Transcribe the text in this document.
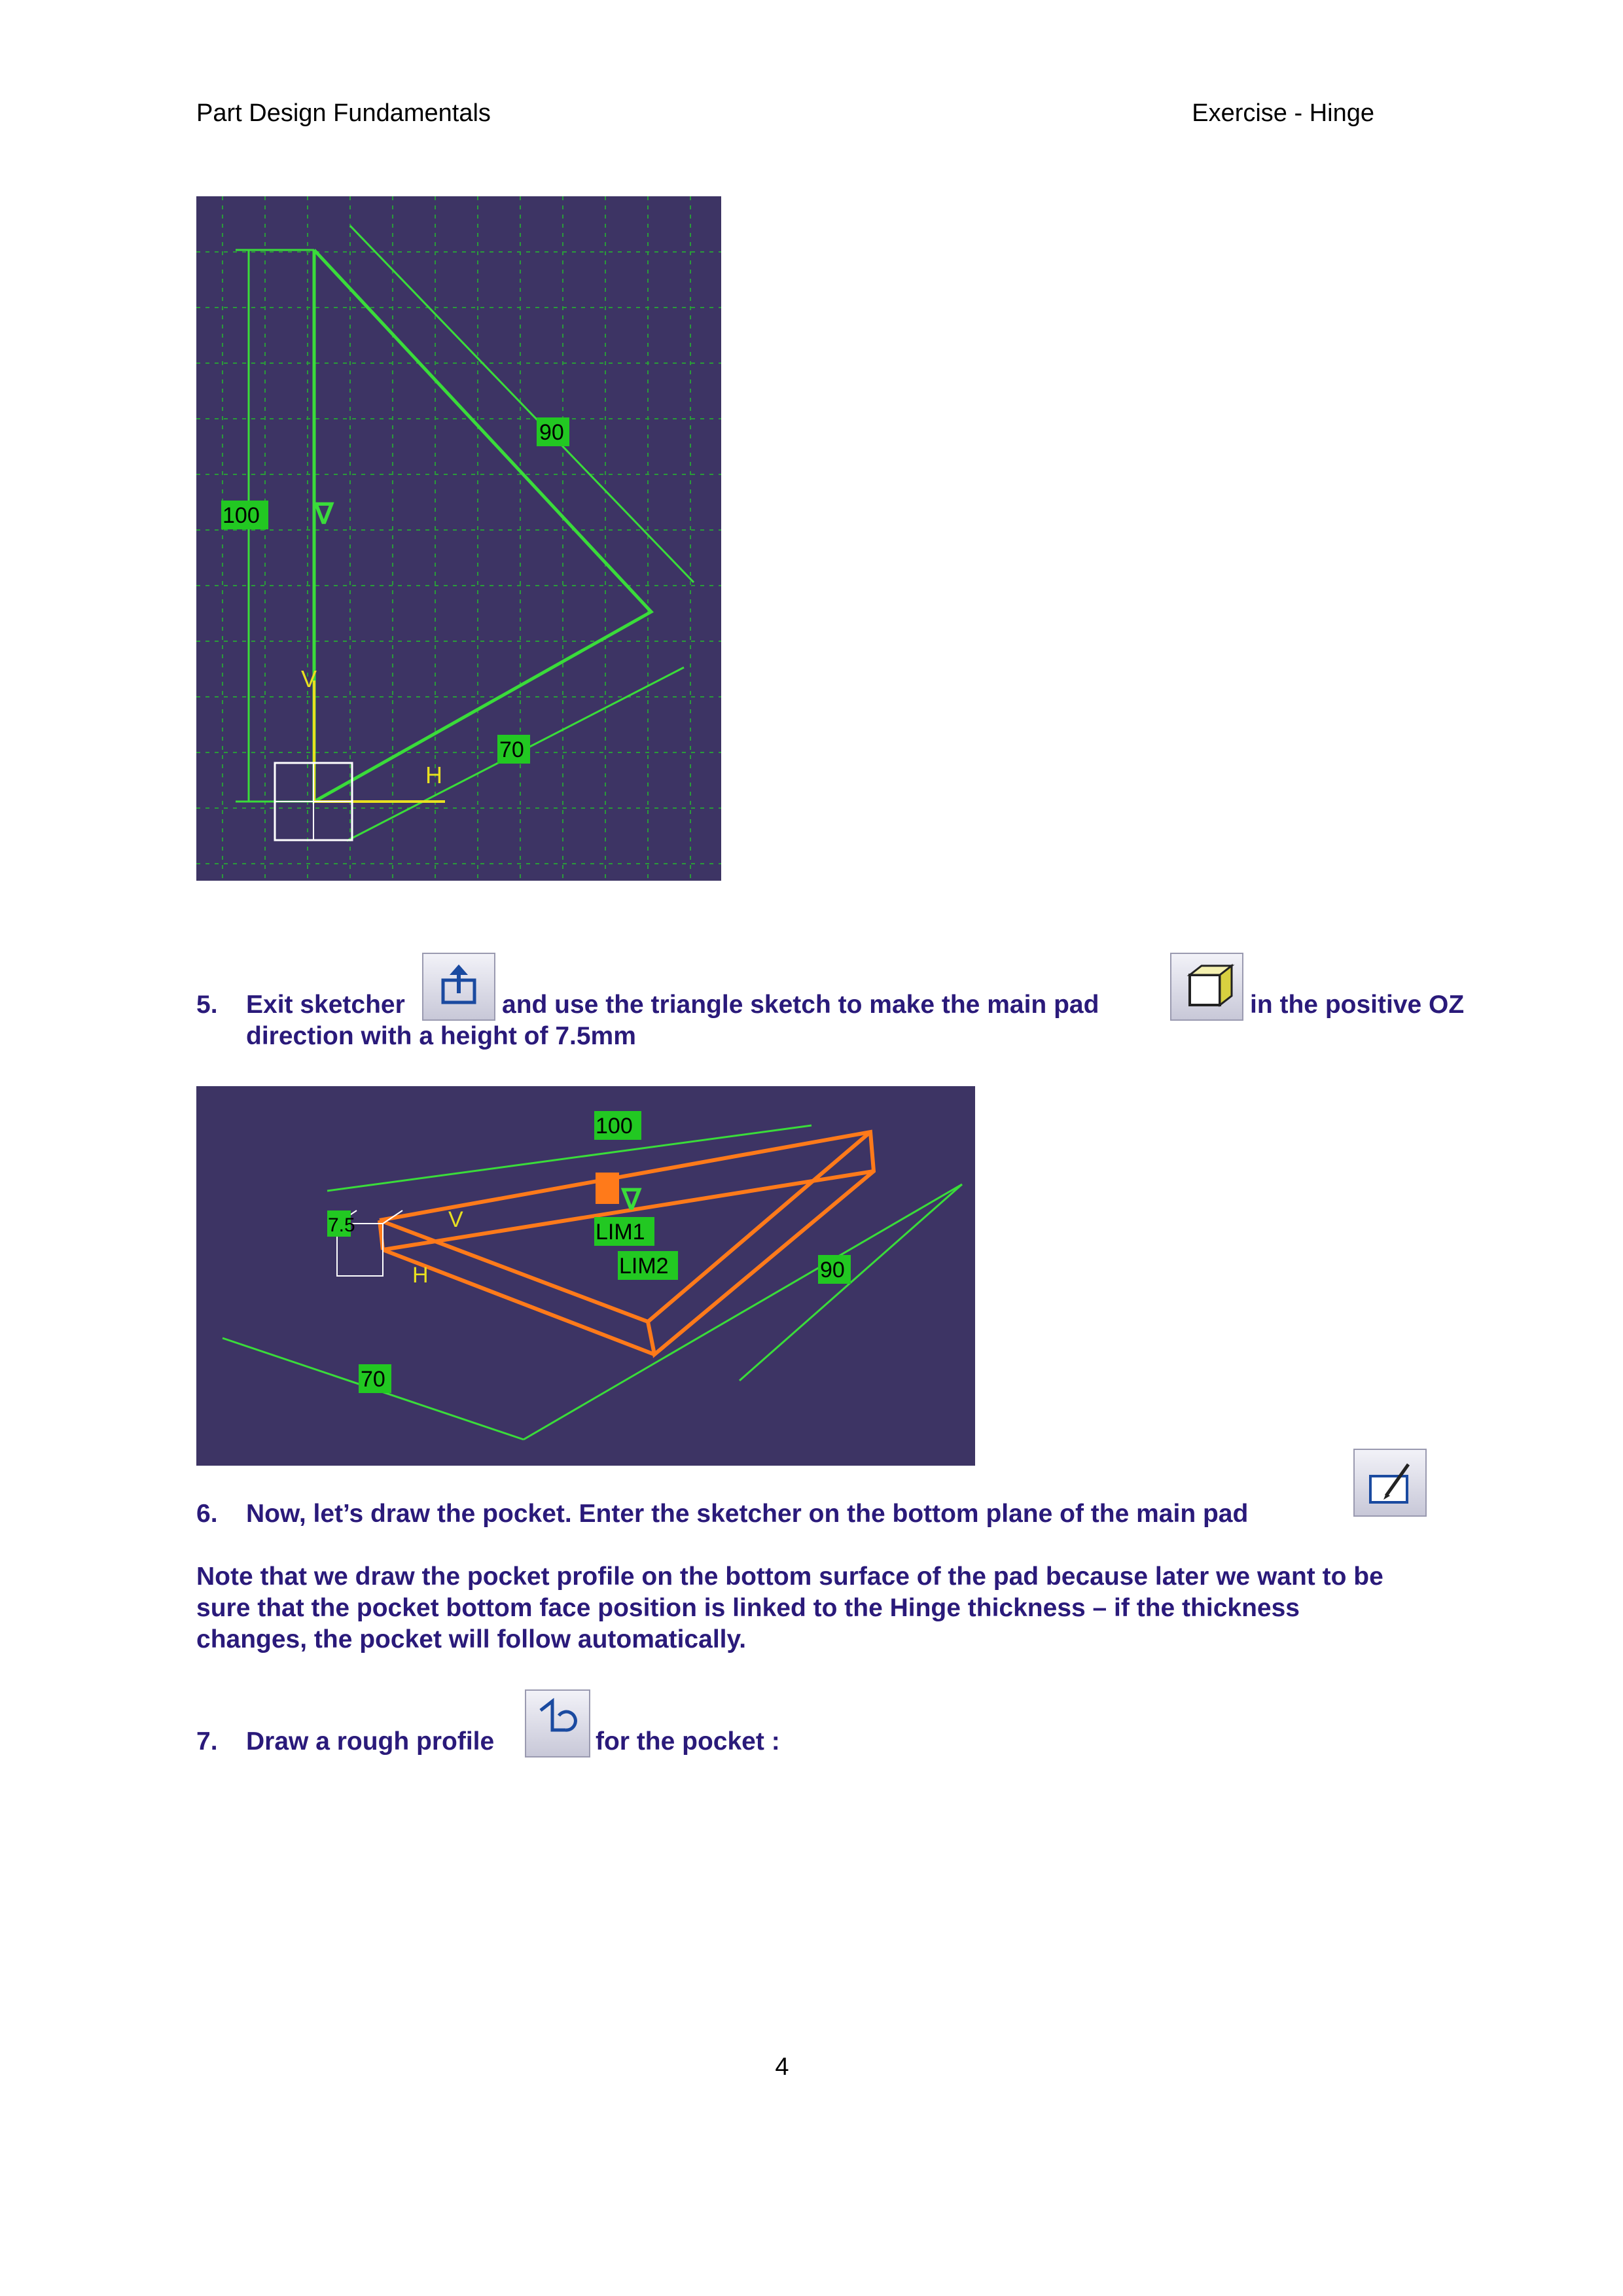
Part Design Fundamentals	Exercise - Hinge
90
100
70
H
V
∇
5. Exit sketcher	and use the triangle sketch to make the main pad	in the positive OZ
direction with a height of 7.5mm
LIM1
LIM2
100
90
70
7.5	V
H
∇
6. Now, let’s draw the pocket. Enter the sketcher on the bottom plane of the main pad
Note that we draw the pocket profile on the bottom surface of the pad because later we want to be
sure that the pocket bottom face position is linked to the Hinge thickness – if the thickness
changes, the pocket will follow automatically.
7. Draw a rough profile	for the pocket :
4
